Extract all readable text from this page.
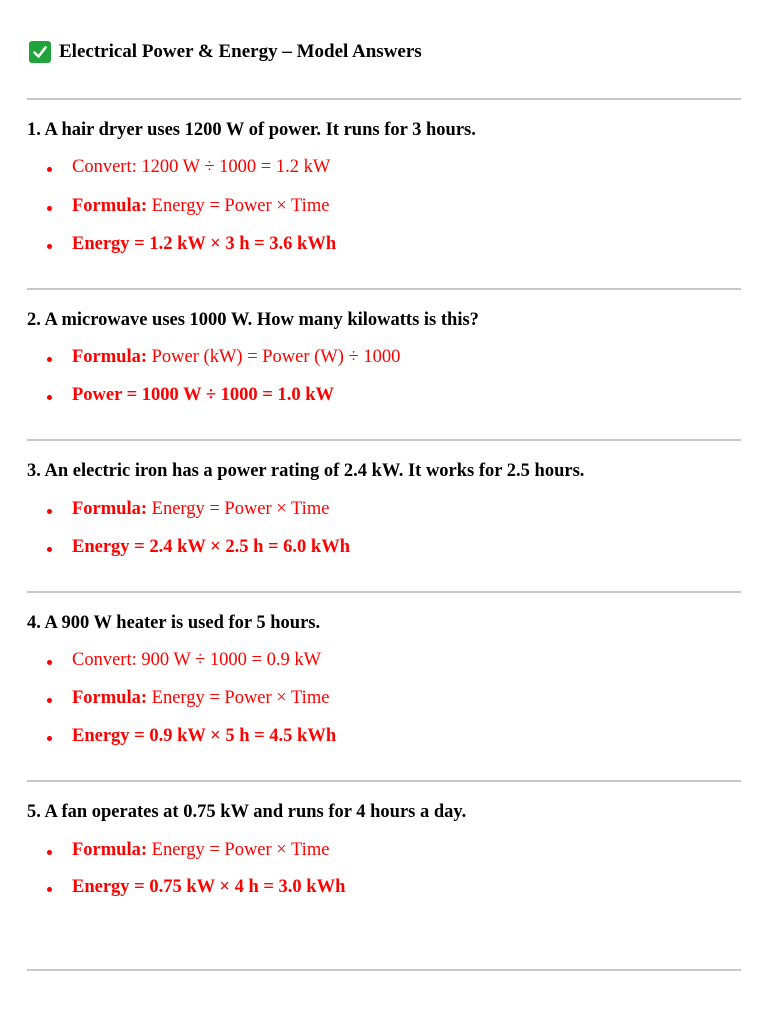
Electrical Power & Energy – Model Answers
1. A hair dryer uses 1200 W of power. It runs for 3 hours.
Convert: 1200 W ÷ 1000 = 1.2 kW
Formula:
Energy = Power × Time
Energy = 1.2 kW × 3 h = 3.6 kWh
2. A microwave uses 1000 W. How many kilowatts is this?
Formula:
Power (kW) = Power (W) ÷ 1000
Power = 1000 W ÷ 1000 = 1.0 kW
3. An electric iron has a power rating of 2.4 kW. It works for 2.5 hours.
Formula:
Energy = Power × Time
Energy = 2.4 kW × 2.5 h = 6.0 kWh
4. A 900 W heater is used for 5 hours.
Convert: 900 W ÷ 1000 = 0.9 kW
Formula:
Energy = Power × Time
Energy = 0.9 kW × 5 h = 4.5 kWh
5. A fan operates at 0.75 kW and runs for 4 hours a day.
Formula:
Energy = Power × Time
Energy = 0.75 kW × 4 h = 3.0 kWh
